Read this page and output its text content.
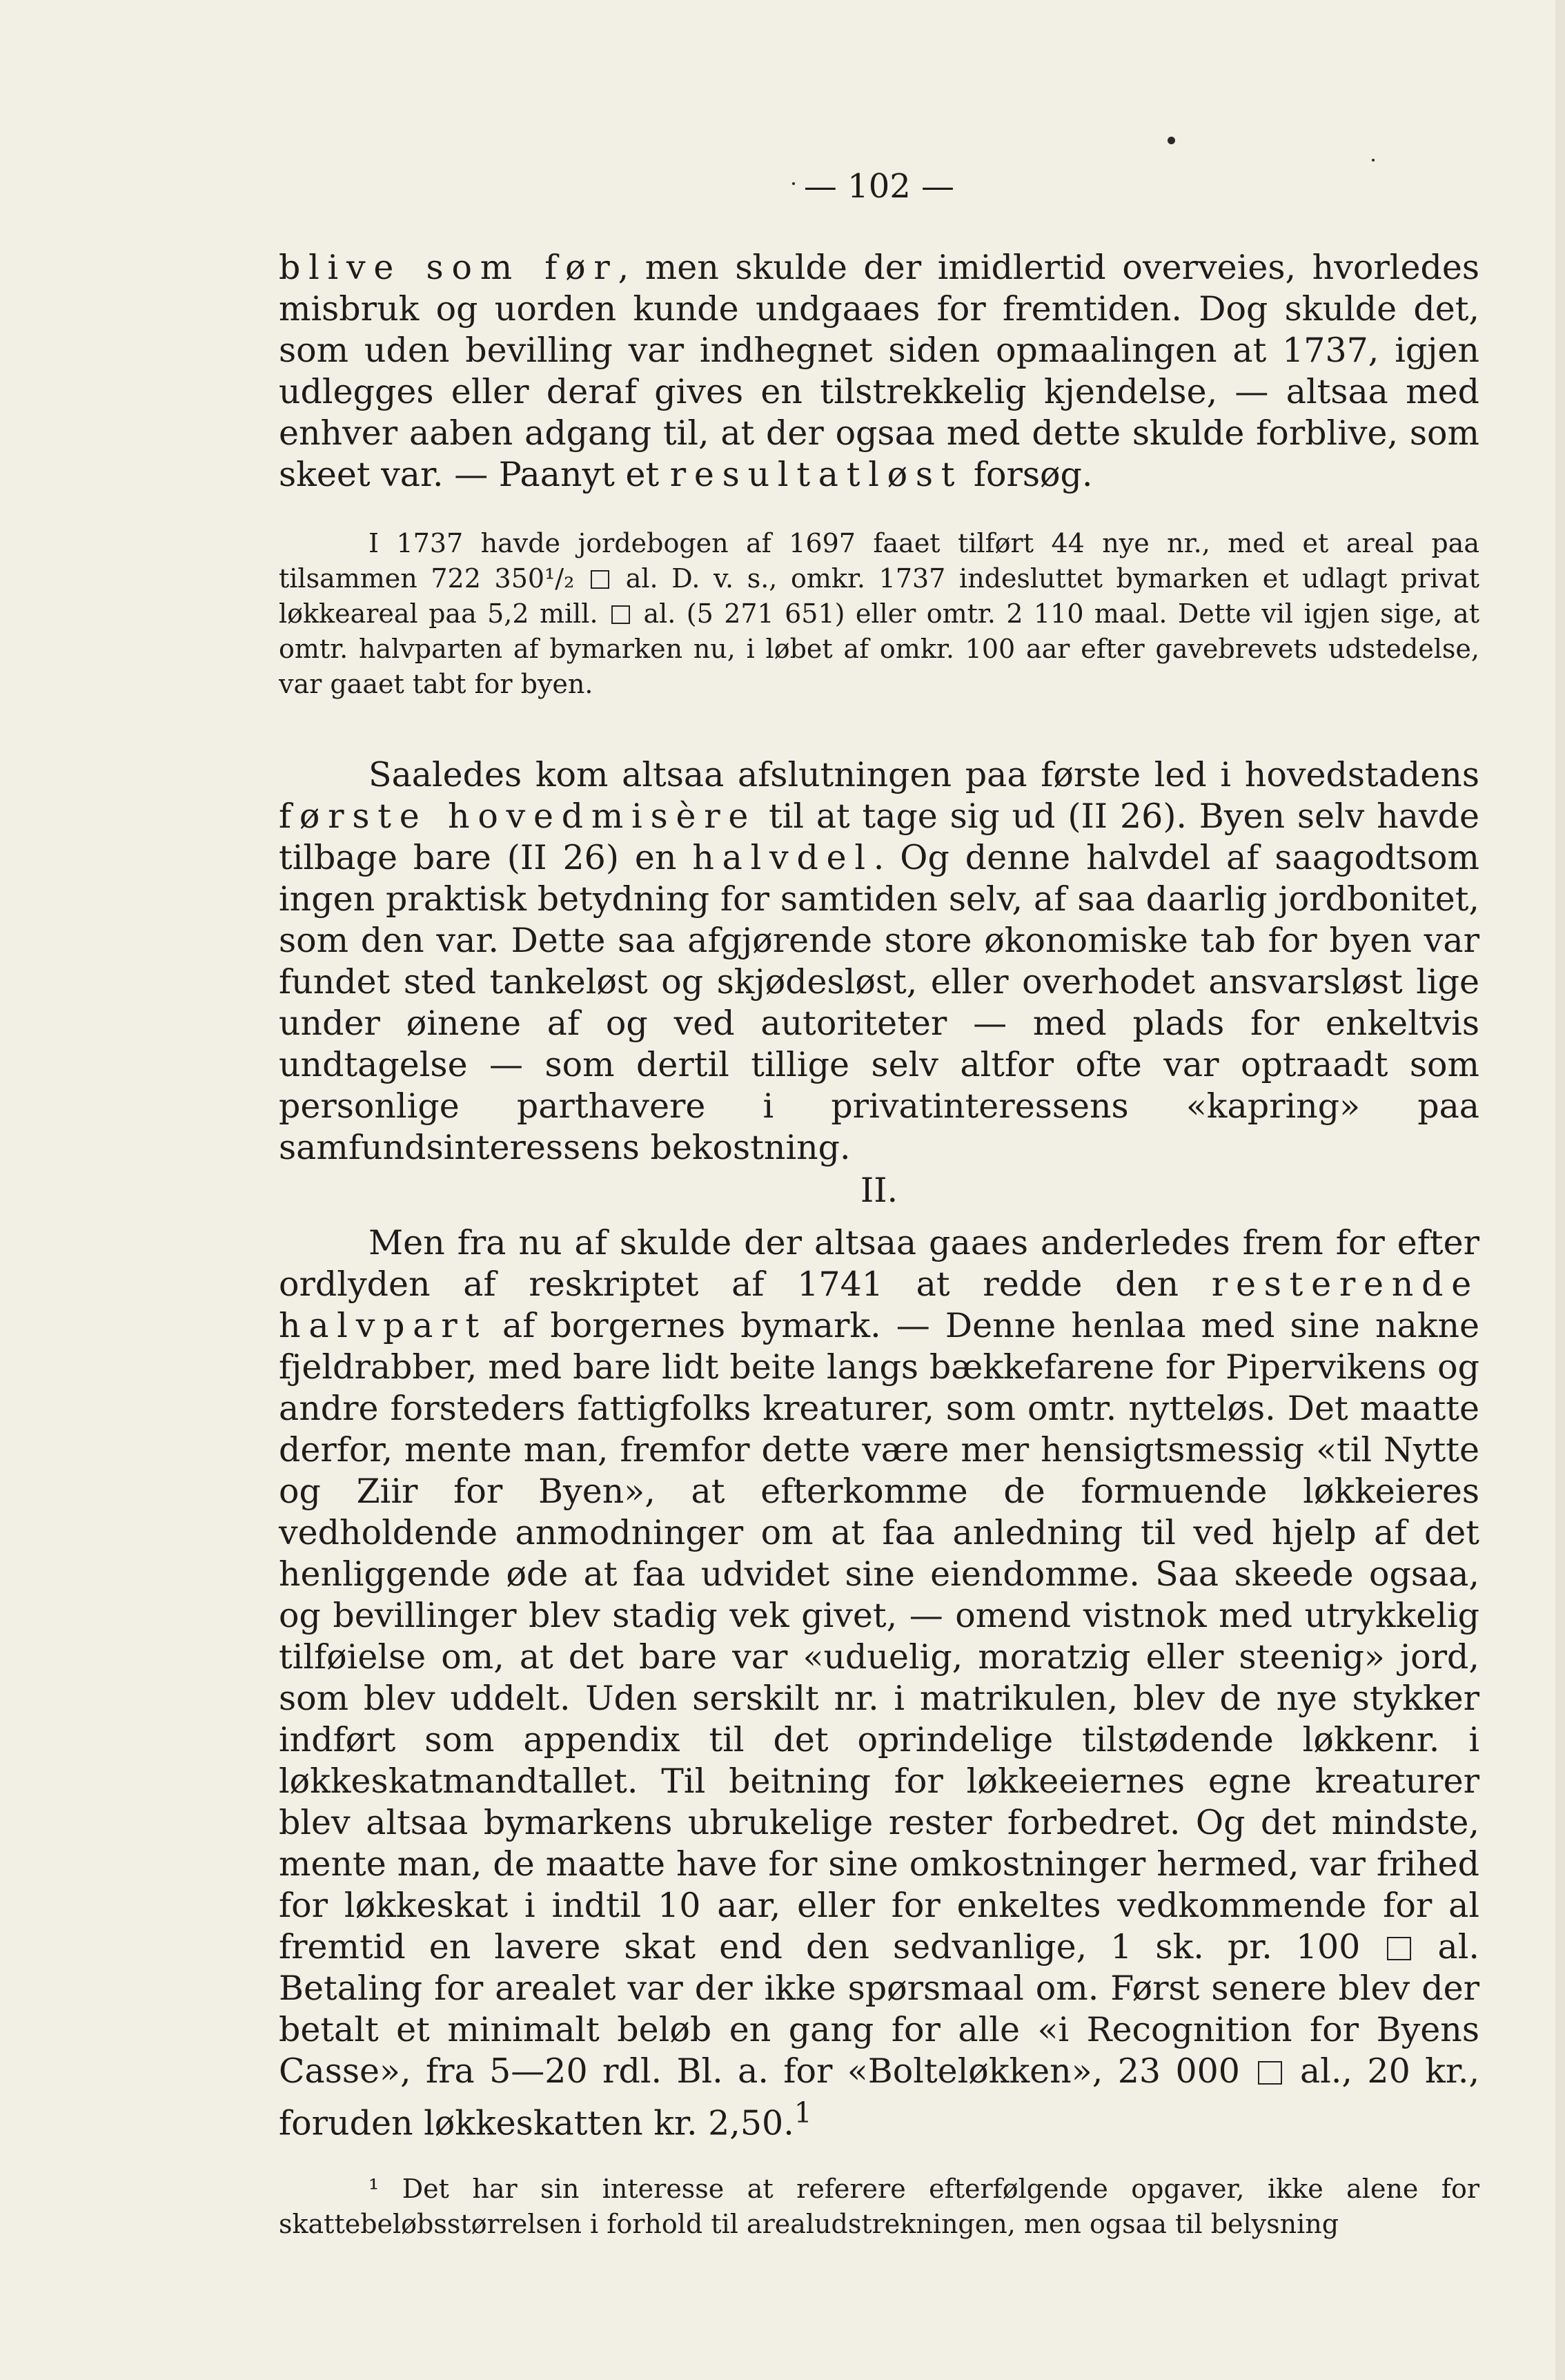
— 102 —

blive som før, men skulde der imidlertid overveies, hvorledes misbruk og uorden kunde undgaaes for fremtiden. Dog skulde det, som uden bevilling var indhegnet siden opmaalingen at 1737, igjen udlegges eller deraf gives en tilstrekkelig kjendelse, — altsaa med enhver aaben adgang til, at der ogsaa med dette skulde forblive, som skeet var. — Paanyt et resultatløst forsøg.

I 1737 havde jordebogen af 1697 faaet tilført 44 nye nr., med et areal paa tilsammen 722 350¹/₂ al. D. v. s., omkr. 1737 indesluttet bymarken et udlagt privat løkkeareal paa 5,2 mill. al. (5 271 651) eller omtr. 2 110 maal. Dette vil igjen sige, at omtr. halvparten af bymarken nu, i løbet af omkr. 100 aar efter gavebrevets udstedelse, var gaaet tabt for byen.

Saaledes kom altsaa afslutningen paa første led i hovedstadens første hovedmisère til at tage sig ud (II 26). Byen selv havde tilbage bare (II 26) en halvdel. Og denne halvdel af saagodtsom ingen praktisk betydning for samtiden selv, af saa daarlig jordbonitet, som den var. Dette saa afgjørende store økonomiske tab for byen var fundet sted tankeløst og skjødesløst, eller overhodet ansvarsløst lige under øinene af og ved autoriteter — med plads for enkeltvis undtagelse — som dertil tillige selv altfor ofte var optraadt som personlige parthavere i privatinteressens «kapring» paa samfundsinteressens bekostning.

II.

Men fra nu af skulde der altsaa gaaes anderledes frem for efter ordlyden af reskriptet af 1741 at redde den resterende halvpart af borgernes bymark. — Denne henlaa med sine nakne fjeldrabber, med bare lidt beite langs bækkefarene for Pipervikens og andre forsteders fattigfolks kreaturer, som omtr. nytteløs. Det maatte derfor, mente man, fremfor dette være mer hensigtsmessig «til Nytte og Ziir for Byen», at efterkomme de formuende løkkeieres vedholdende anmodninger om at faa anledning til ved hjelp af det henliggende øde at faa udvidet sine eiendomme. Saa skeede ogsaa, og bevillinger blev stadig vek givet, — omend vistnok med utrykkelig tilføielse om, at det bare var «uduelig, moratzig eller steenig» jord, som blev uddelt. Uden serskilt nr. i matrikulen, blev de nye stykker indført som appendix til det oprindelige tilstødende løkkenr. i løkkeskatmandtallet. Til beitning for løkkeeiernes egne kreaturer blev altsaa bymarkens ubrukelige rester forbedret. Og det mindste, mente man, de maatte have for sine omkostninger hermed, var frihed for løkkeskat i indtil 10 aar, eller for enkeltes vedkommende for al fremtid en lavere skat end den sedvanlige, 1 sk. pr. 100 al. Betaling for arealet var der ikke spørsmaal om. Først senere blev der betalt et minimalt beløb en gang for alle «i Recognition for Byens Casse», fra 5—20 rdl. Bl. a. for «Bolteløkken», 23 000 al., 20 kr., foruden løkkeskatten kr. 2,50.$^1$

¹ Det har sin interesse at referere efterfølgende opgaver, ikke alene for skattebeløbsstørrelsen i forhold til arealudstrekningen, men ogsaa til belysning
